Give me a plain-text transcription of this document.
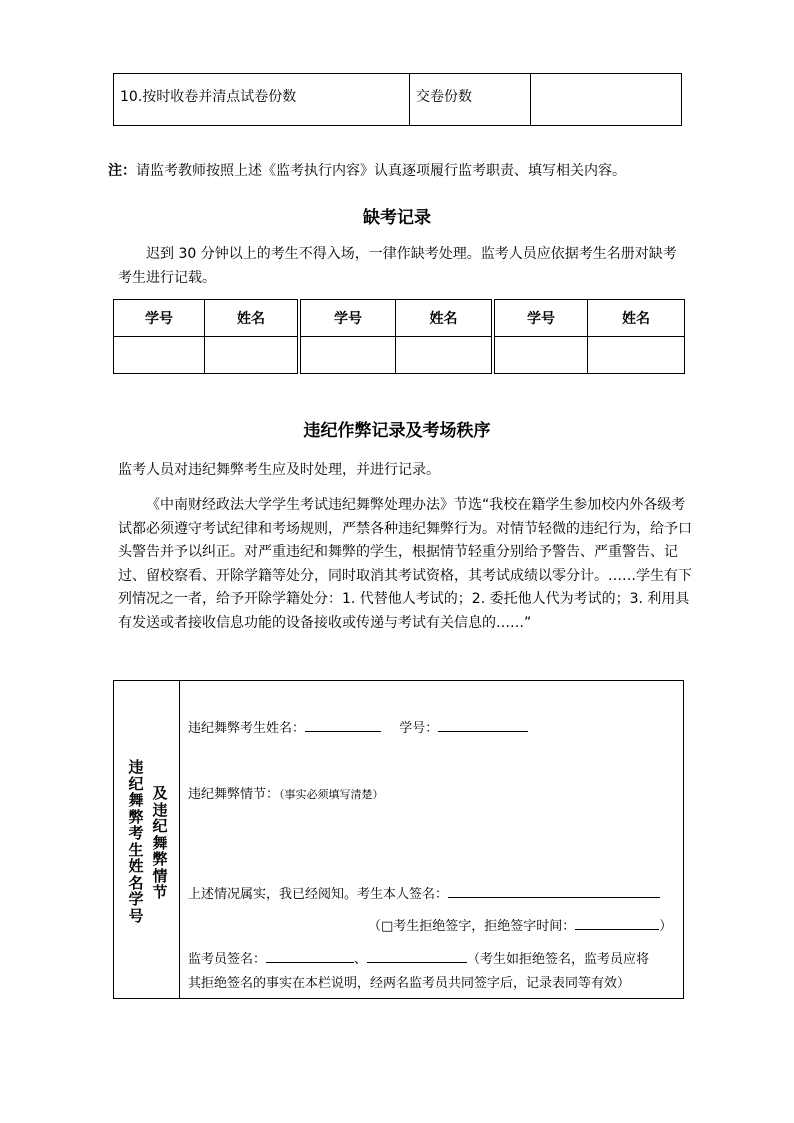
10.按时收卷并清点试卷份数	交卷份数	
注：请监考教师按照上述《监考执行内容》认真逐项履行监考职责、填写相关内容。
缺考记录
迟到 30 分钟以上的考生不得入场，一律作缺考处理。监考人员应依据考生名册对缺考考生进行记载。
学号	姓名	学号	姓名	学号	姓名

违纪作弊记录及考场秩序
监考人员对违纪舞弊考生应及时处理，并进行记录。
《中南财经政法大学学生考试违纪舞弊处理办法》节选“我校在籍学生参加校内外各级考试都必须遵守考试纪律和考场规则，严禁各种违纪舞弊行为。对情节轻微的违纪行为，给予口头警告并予以纠正。对严重违纪和舞弊的学生，根据情节轻重分别给予警告、严重警告、记过、留校察看、开除学籍等处分，同时取消其考试资格，其考试成绩以零分计。……学生有下列情况之一者，给予开除学籍处分：1. 代替他人考试的；2. 委托他人代为考试的；3. 利用具有发送或者接收信息功能的设备接收或传递与考试有关信息的……”
违纪舞弊考生姓名学号
及违纪舞弊情节
违纪舞弊考生姓名：	学号：
违纪舞弊情节：（事实必须填写清楚）
上述情况属实，我已经阅知。考生本人签名：
（□考生拒绝签字，拒绝签字时间：	）
监考员签名：	、	（考生如拒绝签名，监考员应将
其拒绝签名的事实在本栏说明，经两名监考员共同签字后，记录表同等有效）
